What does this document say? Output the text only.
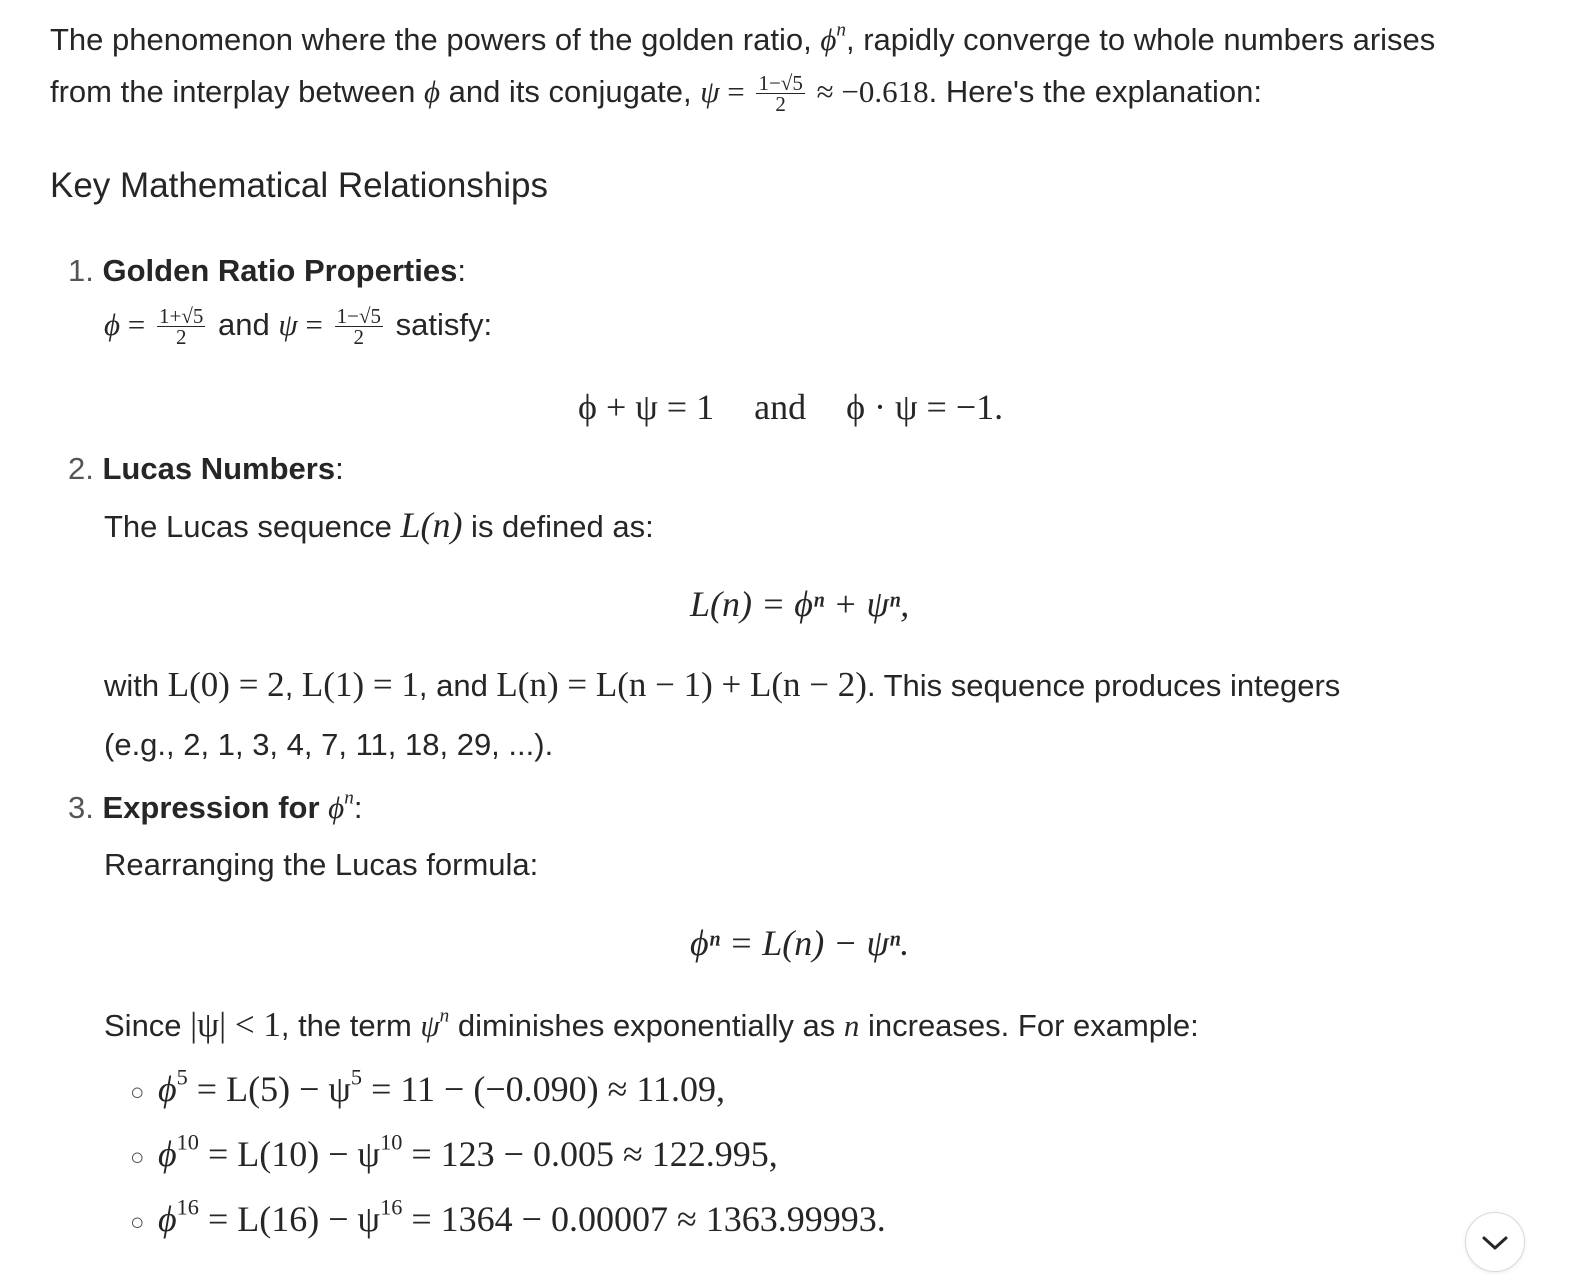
The phenomenon where the powers of the golden ratio, $\phi^n$, rapidly converge to whole numbers arises
from the interplay between ϕ and its conjugate, $\psi = \frac{1-√5}{2} \approx -0.618$. Here's the explanation:
Key Mathematical Relationships
1. Golden Ratio Properties:
$\phi = \frac{1+√5}{2}$ and $\psi = \frac{1-√5}{2}$ satisfy:
ϕ + ψ = 1 and ϕ · ψ = −1.
2. Lucas Numbers:
The Lucas sequence L(n) is defined as:
L(n) = ϕⁿ + ψⁿ,
with L(0) = 2, L(1) = 1, and L(n) = L(n − 1) + L(n − 2). This sequence produces integers
(e.g., 2, 1, 3, 4, 7, 11, 18, 29, ...).
3. Expression for $\phi^n$:
Rearranging the Lucas formula:
ϕⁿ = L(n) − ψⁿ.
Since |ψ| < 1, the term $\psi^n$ diminishes exponentially as n increases. For example:
○ $\phi^5 = L(5) - \psi^5 = 11 - (-0.090) \approx 11.09$,
○ $\phi^{10} = L(10) - \psi^{10} = 123 - 0.005 \approx 122.995$,
○ $\phi^{16} = L(16) - \psi^{16} = 1364 - 0.00007 \approx 1363.99993$.
